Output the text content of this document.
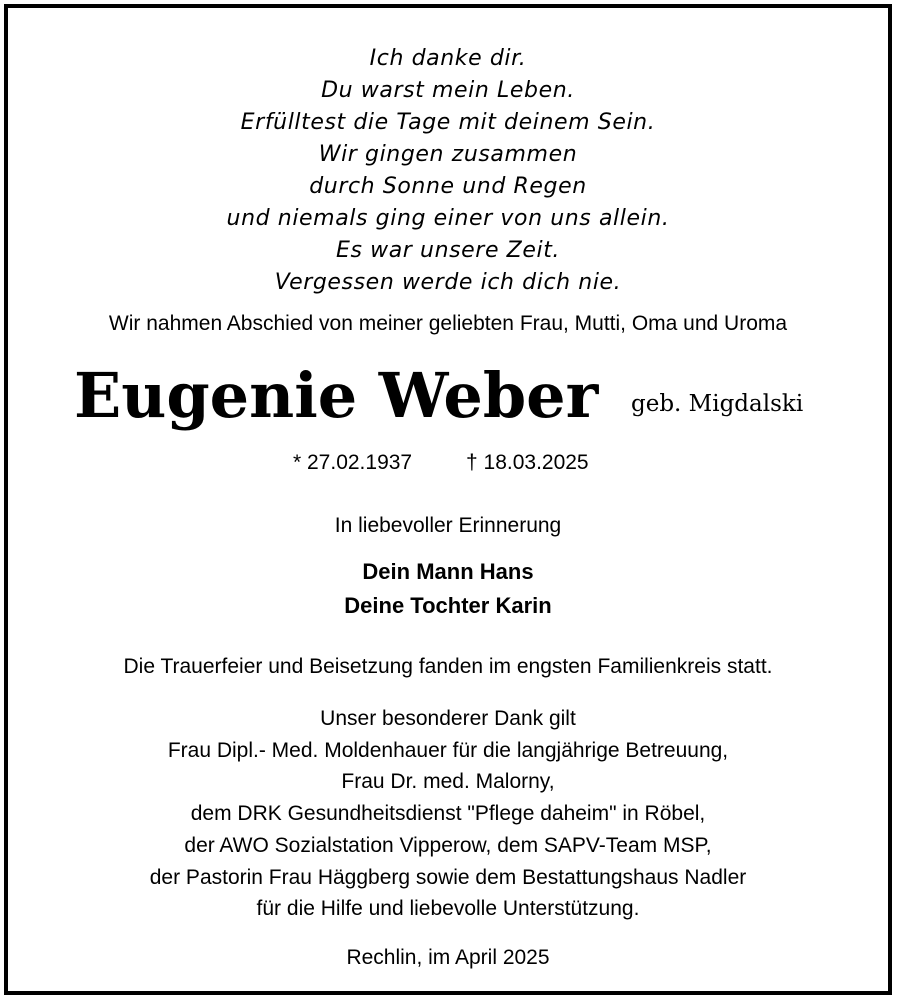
Ich danke dir.
Du warst mein Leben.
Erfülltest die Tage mit deinem Sein.
Wir gingen zusammen
durch Sonne und Regen
und niemals ging einer von uns allein.
Es war unsere Zeit.
Vergessen werde ich dich nie.
Wir nahmen Abschied von meiner geliebten Frau, Mutti, Oma und Uroma
Eugenie Weber geb. Migdalski
* 27.02.1937	† 18.03.2025
In liebevoller Erinnerung
Dein Mann Hans
Deine Tochter Karin
Die Trauerfeier und Beisetzung fanden im engsten Familienkreis statt.
Unser besonderer Dank gilt
Frau Dipl.- Med. Moldenhauer für die langjährige Betreuung,
Frau Dr. med. Malorny,
dem DRK Gesundheitsdienst "Pflege daheim" in Röbel,
der AWO Sozialstation Vipperow, dem SAPV-Team MSP,
der Pastorin Frau Häggberg sowie dem Bestattungshaus Nadler
für die Hilfe und liebevolle Unterstützung.
Rechlin, im April 2025
